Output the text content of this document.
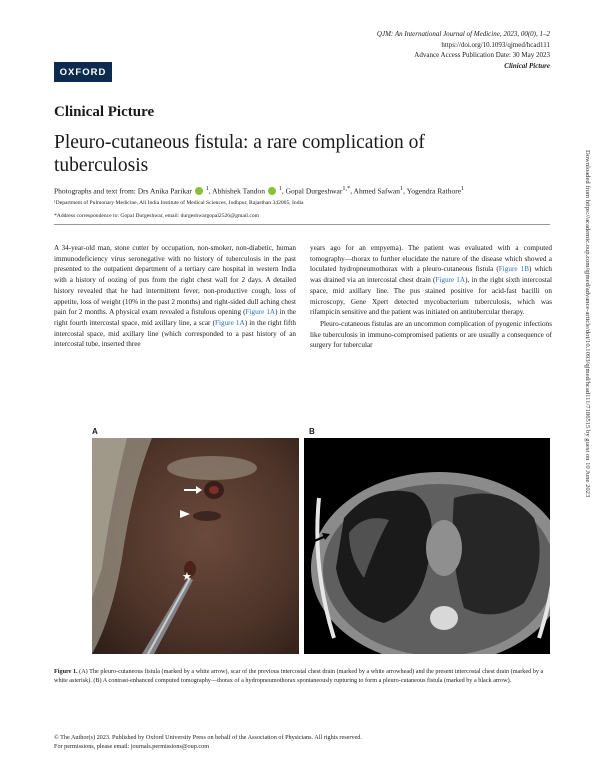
OXFORD
QJM: An International Journal of Medicine, 2023, 00(0), 1–2
https://doi.org/10.1093/qjmed/hcad111
Advance Access Publication Date: 30 May 2023
Clinical Picture
Clinical Picture
Pleuro-cutaneous fistula: a rare complication of tuberculosis
Photographs and text from: Drs Anika Parikar $^1$, Abhishek Tandon $^1$, Gopal Durgeshwar$^{1,*}$, Ahmed Safwan$^1$, Yogendra Rathore$^1$
¹Department of Pulmonary Medicine, All India Institute of Medical Sciences, Jodhpur, Rajasthan 342005, India
*Address correspondence to: Gopal Durgeshwar, email: durgeshwargopal2526@gmail.com

A 34-year-old man, stone cutter by occupation, non-smoker, non-diabetic, human immunodeficiency virus seronegative with no history of tuberculosis in the past presented to the outpatient department of a tertiary care hospital in western India with a history of oozing of pus from the right chest wall for 2 days. A detailed history revealed that he had intermittent fever, non-productive cough, loss of appetite, loss of weight (10% in the past 2 months) and right-sided dull aching chest pain for 2 months. A physical exam revealed a fistulous opening (Figure 1A) in the right fourth intercostal space, mid axillary line, a scar (Figure 1A) in the right fifth intercostal space, mid axillary line (which corresponded to a past history of an intercostal tube, inserted three

years ago for an empyema). The patient was evaluated with a computed tomography—thorax to further elucidate the nature of the disease which showed a loculated hydropneumothorax with a pleuro-cutaneous fistula (Figure 1B) which was drained via an intercostal chest drain (Figure 1A), in the right sixth intercostal space, mid axillary line. The pus stained positive for acid-fast bacilli on microscopy, Gene Xpert detected mycobacterium tuberculosis, which was rifampicin sensitive and the patient was initiated on antitubercular therapy.

Pleuro-cutaneous fistulas are an uncommon complication of pyogenic infections like tuberculosis in immuno-compromised patients or are usually a consequence of surgery for tubercular

A	B
★
Figure 1. (A) The pleuro-cutaneous fistula (marked by a white arrow), scar of the previous intercostal chest drain (marked by a white arrowhead) and the present intercostal chest drain (marked by a white asterisk). (B) A contrast-enhanced computed tomography—thorax of a hydropneumothorax spontaneously rupturing to form a pleuro-cutaneous fistula (marked by a black arrow).
© The Author(s) 2023. Published by Oxford University Press on behalf of the Association of Physicians. All rights reserved.
For permissions, please email: journals.permissions@oup.com
Downloaded from https://academic.oup.com/qjmed/advance-article/doi/10.1093/qjmed/hcad111/7186515 by guest on 10 June 2023
